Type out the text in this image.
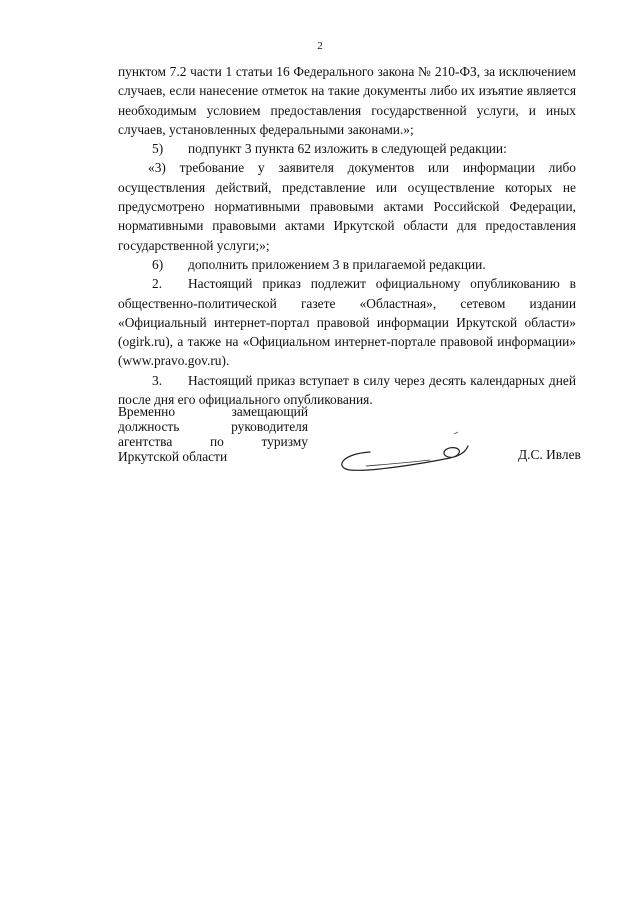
2

пунктом 7.2 части 1 статьи 16 Федерального закона № 210-ФЗ, за исключением случаев, если нанесение отметок на такие документы либо их изъятие является необходимым условием предоставления государственной услуги, и иных случаев, установленных федеральными законами.»;

5) подпункт 3 пункта 62 изложить в следующей редакции:

«3) требование у заявителя документов или информации либо осуществления действий, представление или осуществление которых не предусмотрено нормативными правовыми актами Российской Федерации, нормативными правовыми актами Иркутской области для предоставления государственной услуги;»;

6) дополнить приложением 3 в прилагаемой редакции.

2. Настоящий приказ подлежит официальному опубликованию в общественно-политической газете «Областная», сетевом издании «Официальный интернет-портал правовой информации Иркутской области» (ogirk.ru), а также на «Официальном интернет-портале правовой информации» (www.pravo.gov.ru).

3. Настоящий приказ вступает в силу через десять календарных дней после дня его официального опубликования.

Временно	замещающий

должность	руководителя

агентства	по	туризму

Иркутской области	Д.С. Ивлев
